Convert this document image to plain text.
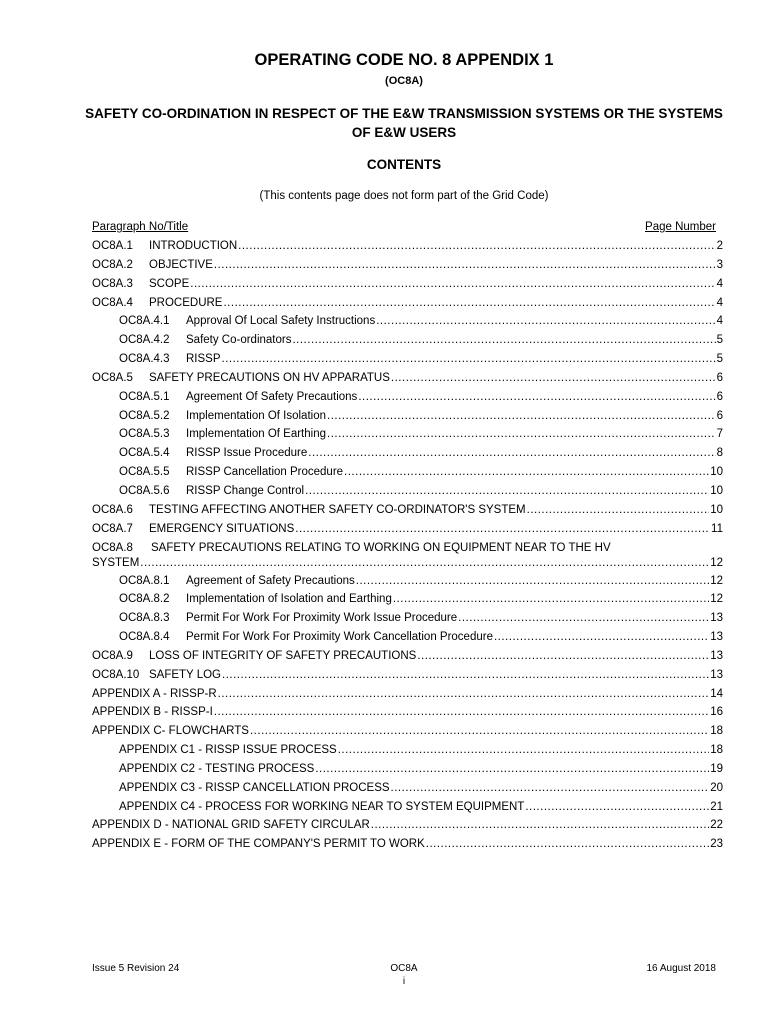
OPERATING CODE NO. 8 APPENDIX 1
(OC8A)
SAFETY CO-ORDINATION IN RESPECT OF THE E&W TRANSMISSION SYSTEMS OR THE SYSTEMS OF E&W USERS
CONTENTS
(This contents page does not form part of the Grid Code)
Paragraph No/Title	Page Number
OC8A.1	INTRODUCTION .....	2
OC8A.2	OBJECTIVE .....	3
OC8A.3	SCOPE .....	4
OC8A.4	PROCEDURE .....	4
OC8A.4.1	Approval Of Local Safety Instructions .....	4
OC8A.4.2	Safety Co-ordinators .....	5
OC8A.4.3	RISSP .....	5
OC8A.5	SAFETY PRECAUTIONS ON HV APPARATUS .....	6
OC8A.5.1	Agreement Of Safety Precautions .....	6
OC8A.5.2	Implementation Of Isolation .....	6
OC8A.5.3	Implementation Of Earthing .....	7
OC8A.5.4	RISSP Issue Procedure .....	8
OC8A.5.5	RISSP Cancellation Procedure .....	10
OC8A.5.6	RISSP Change Control .....	10
OC8A.6	TESTING AFFECTING ANOTHER SAFETY CO-ORDINATOR'S SYSTEM .....	10
OC8A.7	EMERGENCY SITUATIONS .....	11
OC8A.8 SAFETY PRECAUTIONS RELATING TO WORKING ON EQUIPMENT NEAR TO THE HV
SYSTEM .....	12
OC8A.8.1	Agreement of Safety Precautions .....	12
OC8A.8.2	Implementation of Isolation and Earthing .....	12
OC8A.8.3	Permit For Work For Proximity Work Issue Procedure .....	13
OC8A.8.4	Permit For Work For Proximity Work Cancellation Procedure .....	13
OC8A.9	LOSS OF INTEGRITY OF SAFETY PRECAUTIONS .....	13
OC8A.10 SAFETY LOG .....	13
APPENDIX A - RISSP-R .....	14
APPENDIX B - RISSP-I .....	16
APPENDIX C- FLOWCHARTS .....	18
APPENDIX C1 - RISSP ISSUE PROCESS .....	18
APPENDIX C2 - TESTING PROCESS .....	19
APPENDIX C3 - RISSP CANCELLATION PROCESS .....	20
APPENDIX C4 - PROCESS FOR WORKING NEAR TO SYSTEM EQUIPMENT .....	21
APPENDIX D - NATIONAL GRID SAFETY CIRCULAR .....	22
APPENDIX E - FORM OF THE COMPANY'S PERMIT TO WORK .....	23
Issue 5 Revision 24	OC8A	16 August 2018
i
